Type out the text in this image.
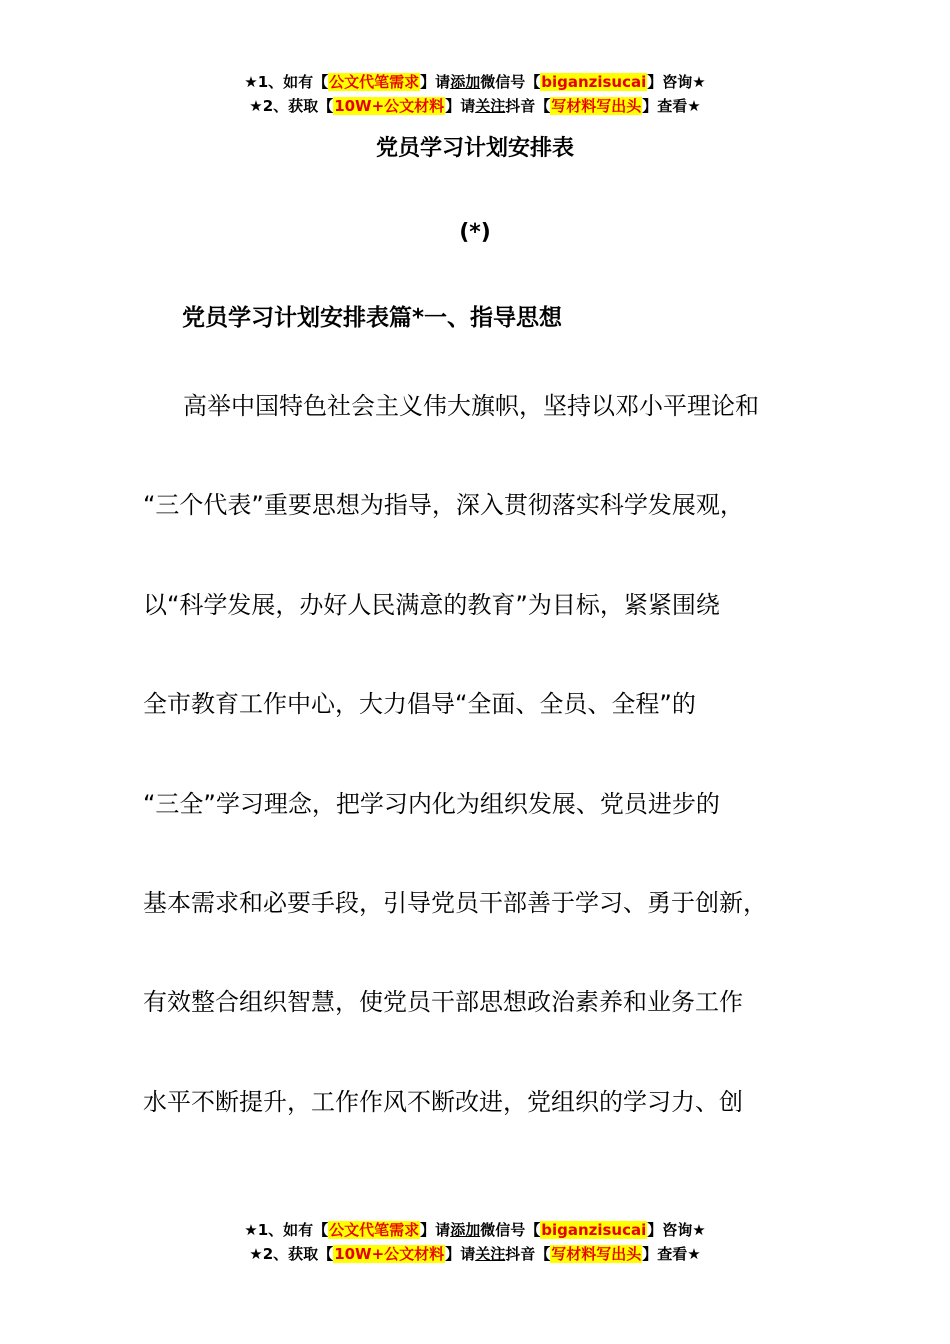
★1、如有【公文代笔需求】请添加微信号【biganzisucai】咨询★
★2、获取【10W+公文材料】请关注抖音【写材料写出头】查看★
党员学习计划安排表
(*)
党员学习计划安排表篇*一、指导思想
高举中国特色社会主义伟大旗帜，坚持以邓小平理论和
“三个代表”重要思想为指导，深入贯彻落实科学发展观，
以“科学发展，办好人民满意的教育”为目标，紧紧围绕
全市教育工作中心，大力倡导“全面、全员、全程”的
“三全”学习理念，把学习内化为组织发展、党员进步的
基本需求和必要手段，引导党员干部善于学习、勇于创新，
有效整合组织智慧，使党员干部思想政治素养和业务工作
水平不断提升，工作作风不断改进，党组织的学习力、创
★1、如有【公文代笔需求】请添加微信号【biganzisucai】咨询★
★2、获取【10W+公文材料】请关注抖音【写材料写出头】查看★
